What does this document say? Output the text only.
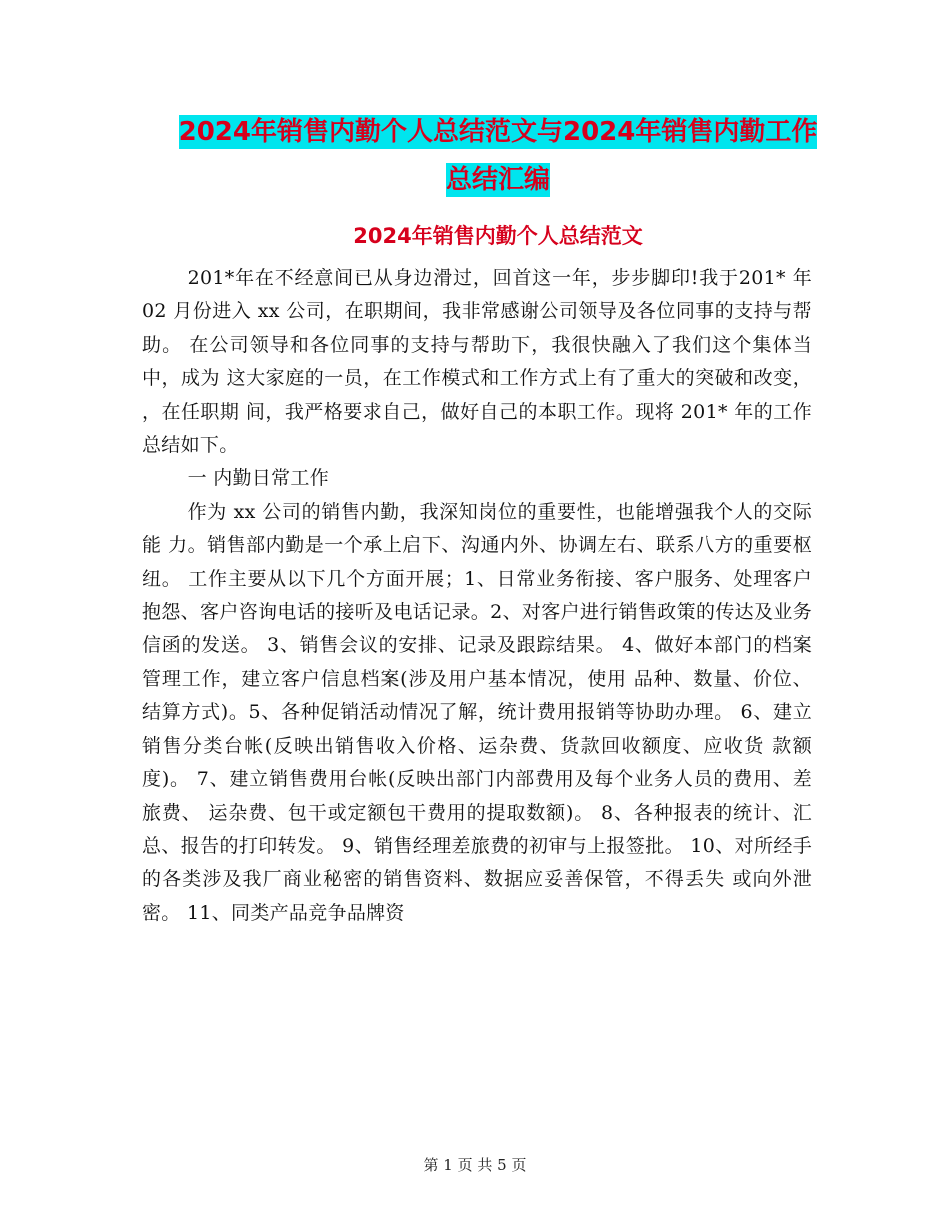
2024年销售内勤个人总结范文与2024年销售内勤工作
总结汇编
2024年销售内勤个人总结范文

201*年在不经意间已从身边滑过，回首这一年，步步脚印!我于201* 年 02 月份进入 xx 公司，在职期间，我非常感谢公司领导及各位同事的支持与帮助。 在公司领导和各位同事的支持与帮助下，我很快融入了我们这个集体当中，成为 这大家庭的一员，在工作模式和工作方式上有了重大的突破和改变， ，在任职期 间，我严格要求自己，做好自己的本职工作。现将 201* 年的工作总结如下。

一 内勤日常工作

作为 xx 公司的销售内勤，我深知岗位的重要性，也能增强我个人的交际能 力。销售部内勤是一个承上启下、沟通内外、协调左右、联系八方的重要枢纽。 工作主要从以下几个方面开展；1、日常业务衔接、客户服务、处理客户抱怨、客户咨询电话的接听及电话记录。2、对客户进行销售政策的传达及业务信函的发送。 3、销售会议的安排、记录及跟踪结果。 4、做好本部门的档案管理工作，建立客户信息档案(涉及用户基本情况，使用 品种、数量、价位、结算方式)。5、各种促销活动情况了解，统计费用报销等协助办理。 6、建立销售分类台帐(反映出销售收入价格、运杂费、货款回收额度、应收货 款额度)。 7、建立销售费用台帐(反映出部门内部费用及每个业务人员的费用、差旅费、 运杂费、包干或定额包干费用的提取数额)。 8、各种报表的统计、汇总、报告的打印转发。 9、销售经理差旅费的初审与上报签批。 10、对所经手的各类涉及我厂商业秘密的销售资料、数据应妥善保管，不得丢失 或向外泄密。 11、同类产品竞争品牌资

第 1 页 共 5 页
